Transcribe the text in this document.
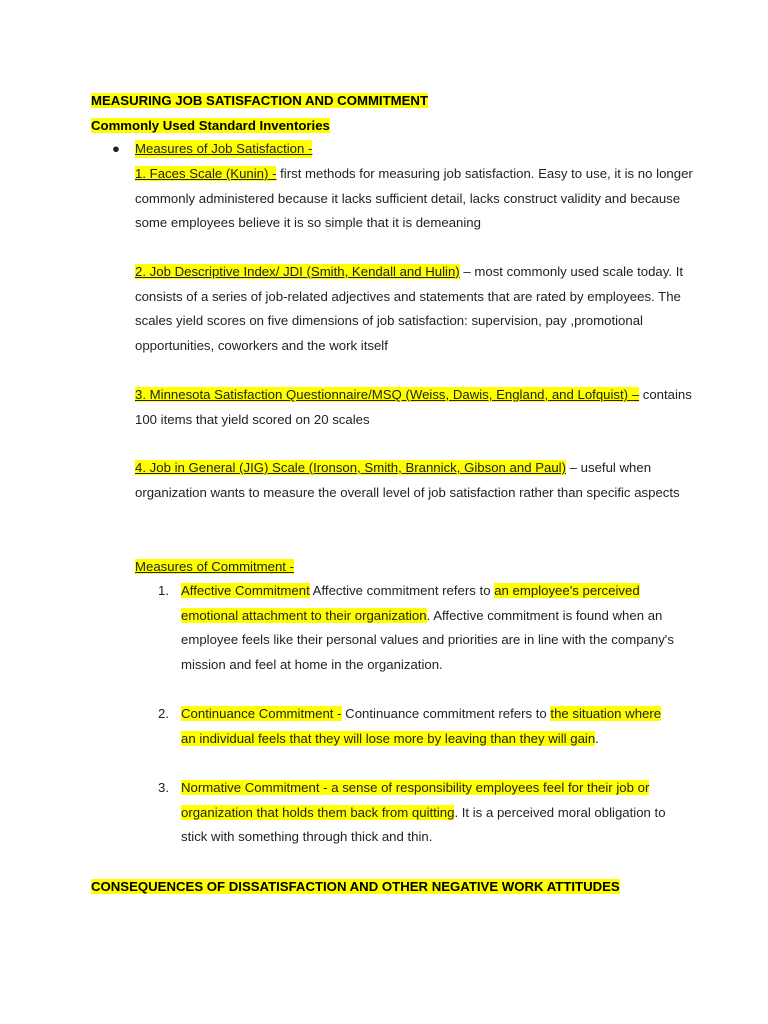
MEASURING JOB SATISFACTION AND COMMITMENT
Commonly Used Standard Inventories
● Measures of Job Satisfaction -
1. Faces Scale (Kunin) - first methods for measuring job satisfaction. Easy to use, it is no longer commonly administered because it lacks sufficient detail, lacks construct validity and because some employees believe it is so simple that it is demeaning
2. Job Descriptive Index/ JDI (Smith, Kendall and Hulin) – most commonly used scale today. It consists of a series of job-related adjectives and statements that are rated by employees. The scales yield scores on five dimensions of job satisfaction: supervision, pay ,promotional opportunities, coworkers and the work itself
3. Minnesota Satisfaction Questionnaire/MSQ (Weiss, Dawis, England, and Lofquist) – contains 100 items that yield scored on 20 scales
4. Job in General (JIG) Scale (Ironson, Smith, Brannick, Gibson and Paul) – useful when organization wants to measure the overall level of job satisfaction rather than specific aspects
Measures of Commitment -
1. Affective Commitment Affective commitment refers to an employee's perceived emotional attachment to their organization. Affective commitment is found when an employee feels like their personal values and priorities are in line with the company's mission and feel at home in the organization.
2. Continuance Commitment - Continuance commitment refers to the situation where an individual feels that they will lose more by leaving than they will gain.
3. Normative Commitment - a sense of responsibility employees feel for their job or organization that holds them back from quitting. It is a perceived moral obligation to stick with something through thick and thin.
CONSEQUENCES OF DISSATISFACTION AND OTHER NEGATIVE WORK ATTITUDES
